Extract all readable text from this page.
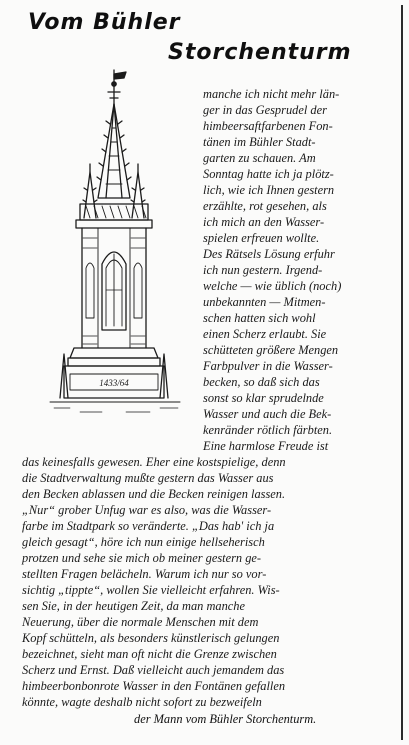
Vom Bühler
Storchenturm
1433/64
manche ich nicht mehr län-
ger in das Gesprudel der
himbeersaftfarbenen Fon-
tänen im Bühler Stadt-
garten zu schauen. Am
Sonntag hatte ich ja plötz-
lich, wie ich Ihnen gestern
erzählte, rot gesehen, als
ich mich an den Wasser-
spielen erfreuen wollte.
Des Rätsels Lösung erfuhr
ich nun gestern. Irgend-
welche — wie üblich (noch)
unbekannten — Mitmen-
schen hatten sich wohl
einen Scherz erlaubt. Sie
schütteten größere Mengen
Farbpulver in die Wasser-
becken, so daß sich das
sonst so klar sprudelnde
Wasser und auch die Bek-
kenränder rötlich färbten.
Eine harmlose Freude ist
das keinesfalls gewesen. Eher eine kostspielige, denn
die Stadtverwaltung mußte gestern das Wasser aus
den Becken ablassen und die Becken reinigen lassen.
„Nur“ grober Unfug war es also, was die Wasser-
farbe im Stadtpark so veränderte. „Das hab' ich ja
gleich gesagt“, höre ich nun einige hellseherisch
protzen und sehe sie mich ob meiner gestern ge-
stellten Fragen belächeln. Warum ich nur so vor-
sichtig „tippte“, wollen Sie vielleicht erfahren. Wis-
sen Sie, in der heutigen Zeit, da man manche
Neuerung, über die normale Menschen mit dem
Kopf schütteln, als besonders künstlerisch gelungen
bezeichnet, sieht man oft nicht die Grenze zwischen
Scherz und Ernst. Daß vielleicht auch jemandem das
himbeerbonbonrote Wasser in den Fontänen gefallen
könnte, wagte deshalb nicht sofort zu bezweifeln
der Mann vom Bühler Storchenturm.
